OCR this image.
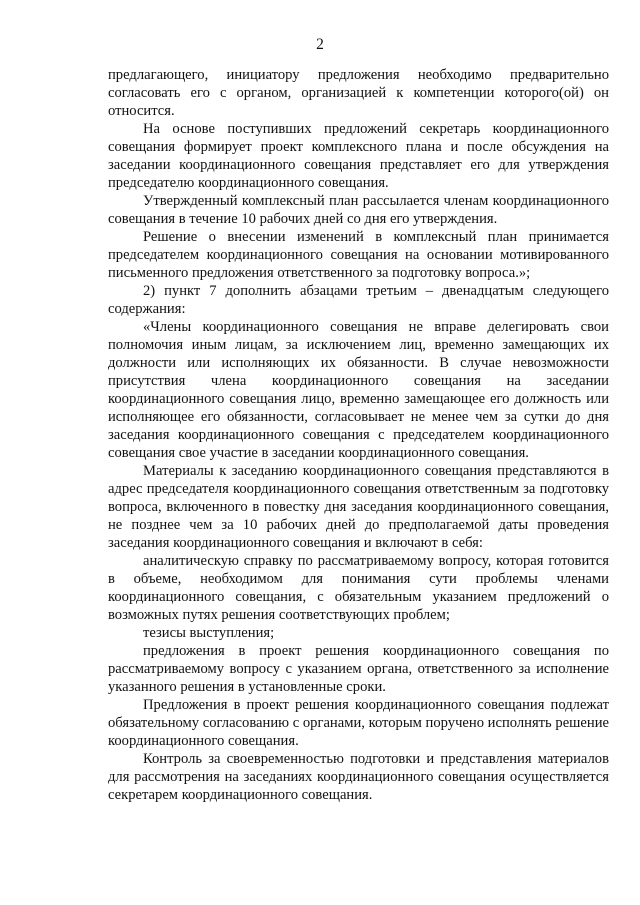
2

предлагающего, инициатору предложения необходимо предварительно согласовать его с органом, организацией к компетенции которого(ой) он относится.

На основе поступивших предложений секретарь координационного совещания формирует проект комплексного плана и после обсуждения на заседании координационного совещания представляет его для утверждения председателю координационного совещания.

Утвержденный комплексный план рассылается членам координационного совещания в течение 10 рабочих дней со дня его утверждения.

Решение о внесении изменений в комплексный план принимается председателем координационного совещания на основании мотивированного письменного предложения ответственного за подготовку вопроса.»;

2) пункт 7 дополнить абзацами третьим – двенадцатым следующего содержания:

«Члены координационного совещания не вправе делегировать свои полномочия иным лицам, за исключением лиц, временно замещающих их должности или исполняющих их обязанности. В случае невозможности присутствия члена координационного совещания на заседании координационного совещания лицо, временно замещающее его должность или исполняющее его обязанности, согласовывает не менее чем за сутки до дня заседания координационного совещания с председателем координационного совещания свое участие в заседании координационного совещания.

Материалы к заседанию координационного совещания представляются в адрес председателя координационного совещания ответственным за подготовку вопроса, включенного в повестку дня заседания координационного совещания, не позднее чем за 10 рабочих дней до предполагаемой даты проведения заседания координационного совещания и включают в себя:

аналитическую справку по рассматриваемому вопросу, которая готовится в объеме, необходимом для понимания сути проблемы членами координационного совещания, с обязательным указанием предложений о возможных путях решения соответствующих проблем;

тезисы выступления;

предложения в проект решения координационного совещания по рассматриваемому вопросу с указанием органа, ответственного за исполнение указанного решения в установленные сроки.

Предложения в проект решения координационного совещания подлежат обязательному согласованию с органами, которым поручено исполнять решение координационного совещания.

Контроль за своевременностью подготовки и представления материалов для рассмотрения на заседаниях координационного совещания осуществляется секретарем координационного совещания.
